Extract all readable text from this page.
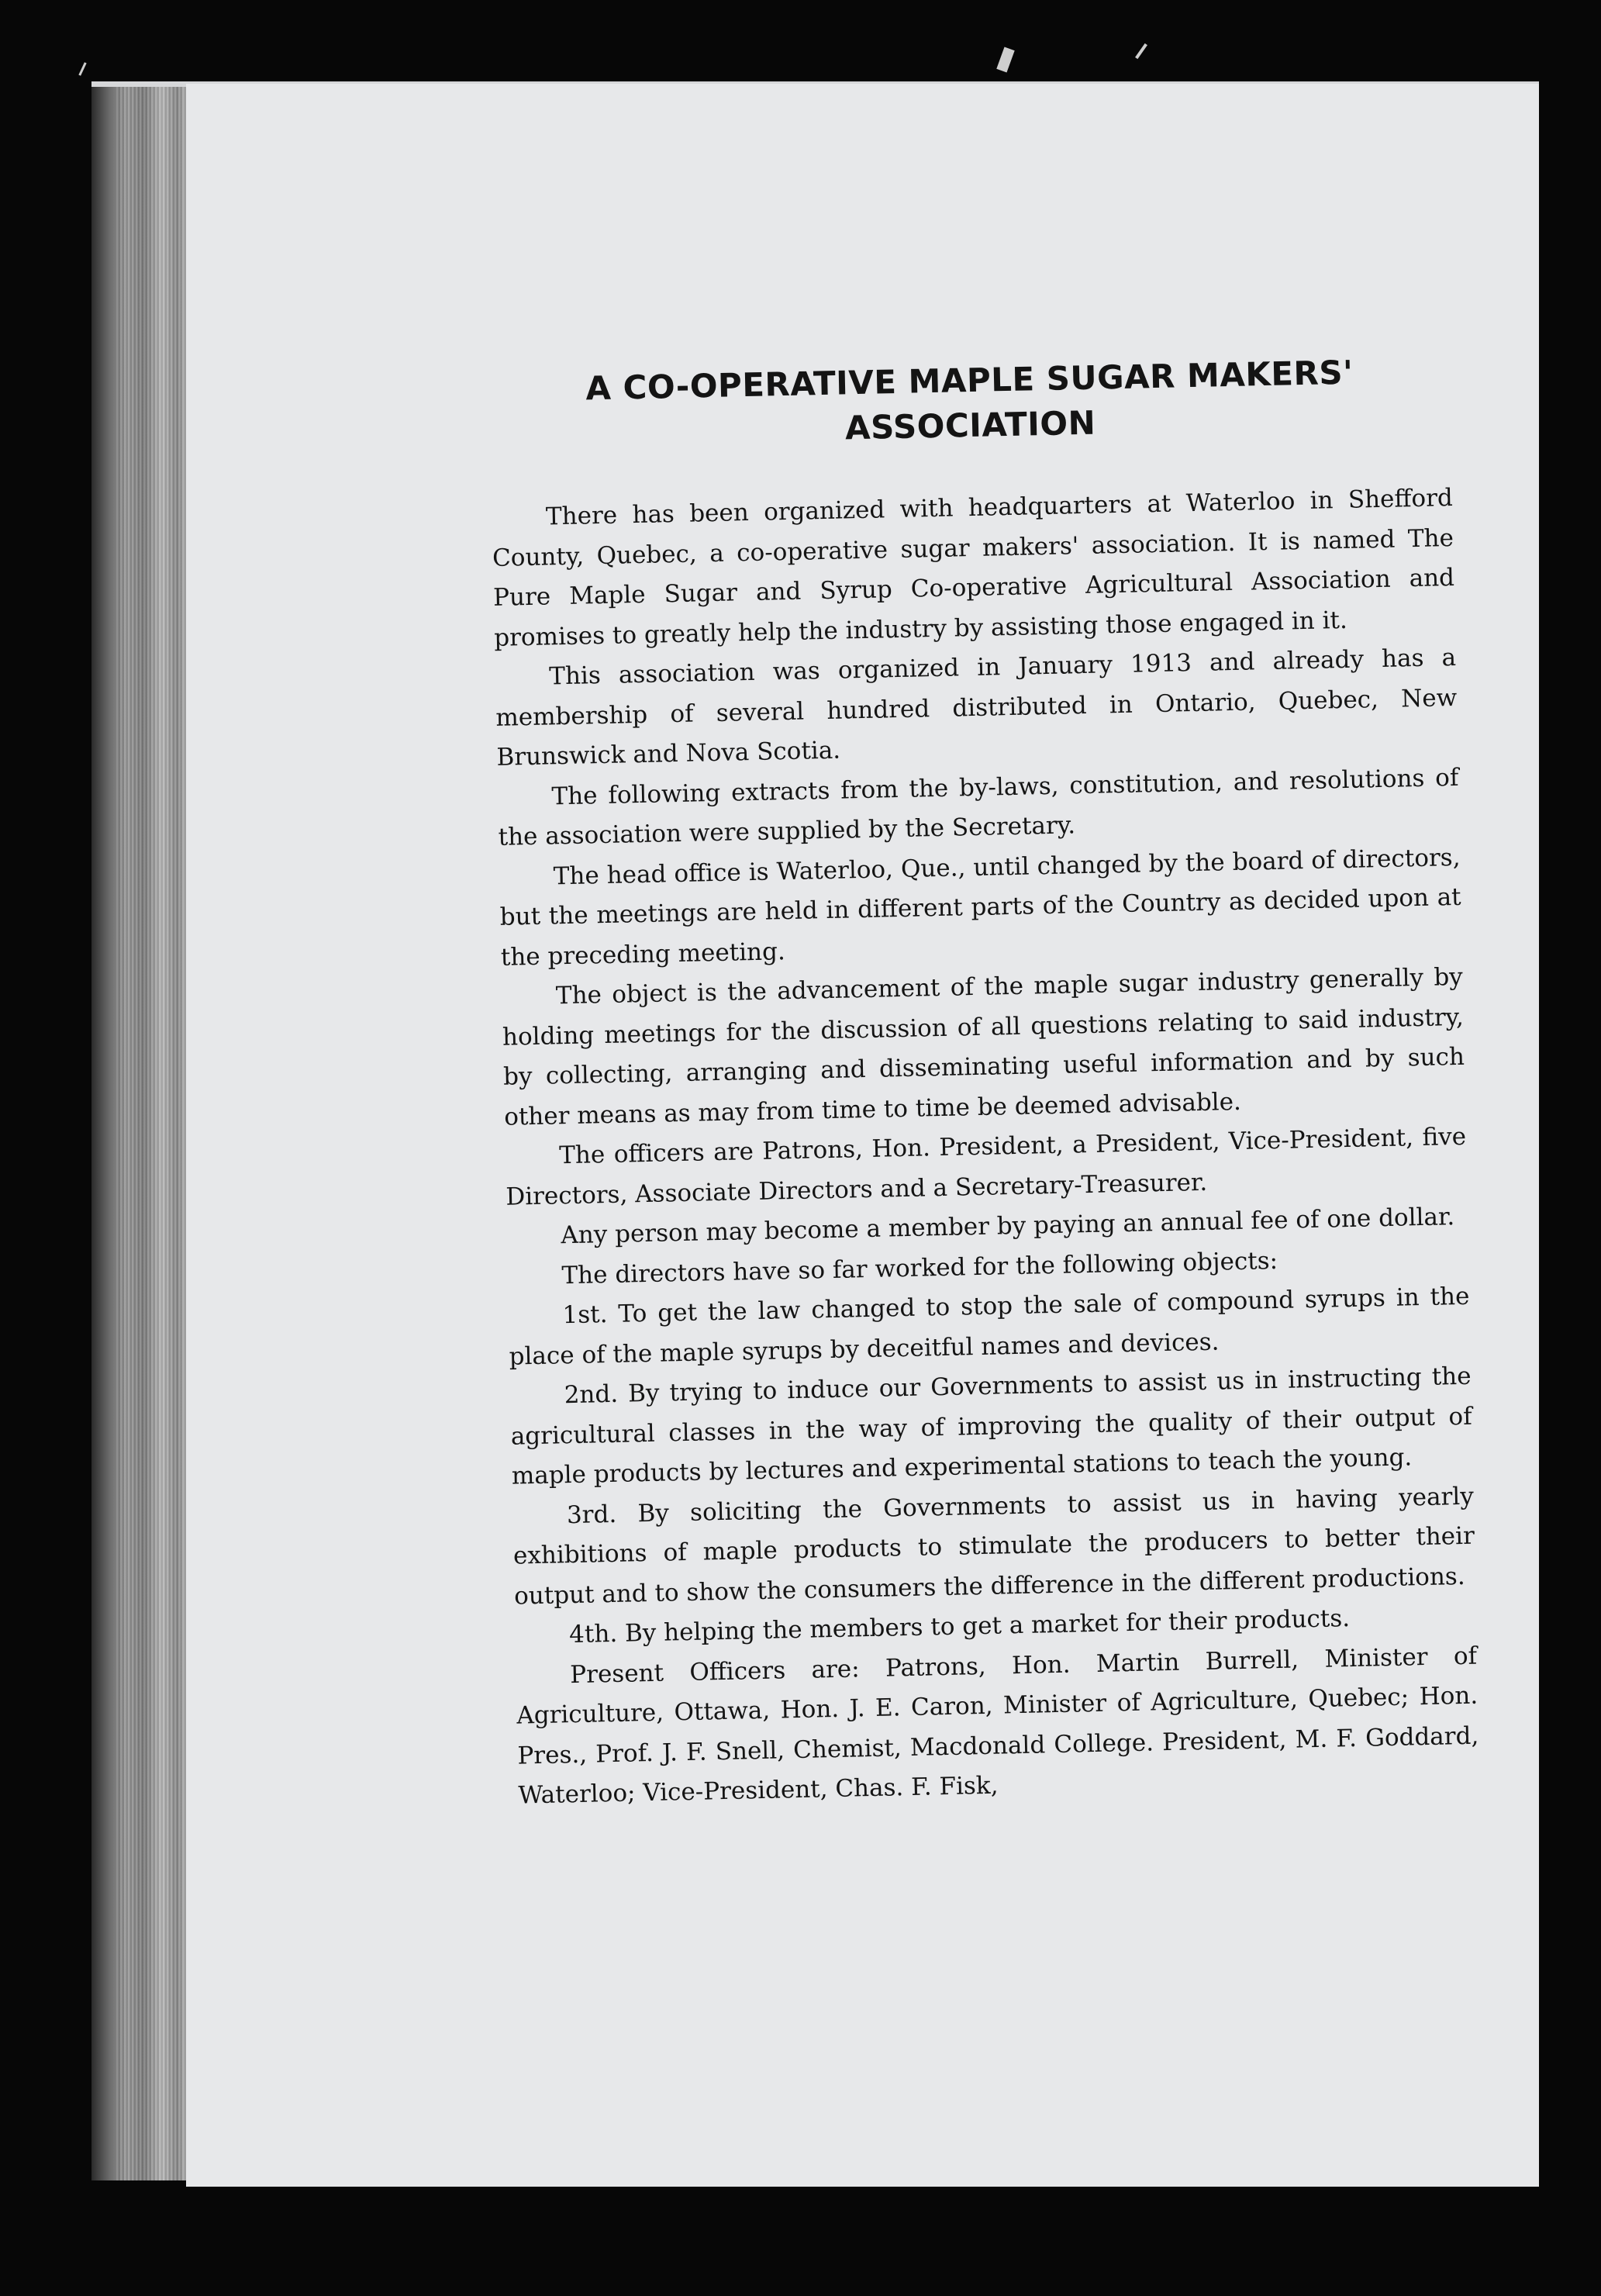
A CO-OPERATIVE MAPLE SUGAR MAKERS'
ASSOCIATION

There has been organized with headquarters at Waterloo in Shefford County, Quebec, a co-operative sugar makers' association. It is named The Pure Maple Sugar and Syrup Co-operative Agricultural Association and promises to greatly help the industry by assisting those engaged in it.

This association was organized in January 1913 and already has a membership of several hundred distributed in Ontario, Quebec, New Brunswick and Nova Scotia.

The following extracts from the by-laws, constitution, and resolutions of the association were supplied by the Secretary.

The head office is Waterloo, Que., until changed by the board of directors, but the meetings are held in different parts of the Country as decided upon at the preceding meeting.

The object is the advancement of the maple sugar industry generally by holding meetings for the discussion of all questions relating to said industry, by collecting, arranging and disseminating useful information and by such other means as may from time to time be deemed advisable.

The officers are Patrons, Hon. President, a President, Vice-President, five Directors, Associate Directors and a Secretary-Treasurer.

Any person may become a member by paying an annual fee of one dollar.

The directors have so far worked for the following objects:

1st. To get the law changed to stop the sale of compound syrups in the place of the maple syrups by deceitful names and devices.

2nd. By trying to induce our Governments to assist us in instructing the agricultural classes in the way of improving the quality of their output of maple products by lectures and experimental stations to teach the young.

3rd. By soliciting the Governments to assist us in having yearly exhibitions of maple products to stimulate the producers to better their output and to show the consumers the difference in the different productions.

4th. By helping the members to get a market for their products.

Present Officers are: Patrons, Hon. Martin Burrell, Minister of Agriculture, Ottawa, Hon. J. E. Caron, Minister of Agriculture, Quebec; Hon. Pres., Prof. J. F. Snell, Chemist, Macdonald College. President, M. F. Goddard, Waterloo; Vice-President, Chas. F. Fisk,
